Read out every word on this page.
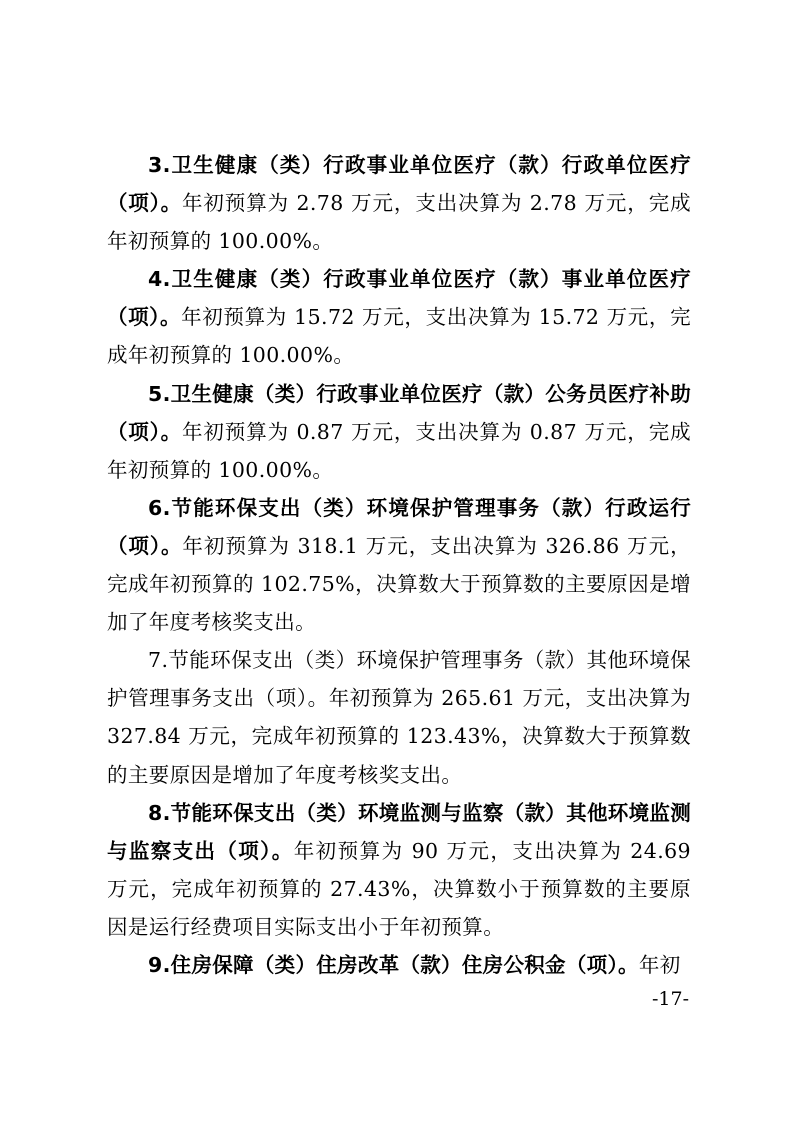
3.卫生健康（类）行政事业单位医疗（款）行政单位医疗（项）。年初预算为 2.78 万元，支出决算为 2.78 万元，完成年初预算的 100.00%。

4.卫生健康（类）行政事业单位医疗（款）事业单位医疗（项）。年初预算为 15.72 万元，支出决算为 15.72 万元，完成年初预算的 100.00%。

5.卫生健康（类）行政事业单位医疗（款）公务员医疗补助（项）。年初预算为 0.87 万元，支出决算为 0.87 万元，完成年初预算的 100.00%。

6.节能环保支出（类）环境保护管理事务（款）行政运行（项）。年初预算为 318.1 万元，支出决算为 326.86 万元，完成年初预算的 102.75%，决算数大于预算数的主要原因是增加了年度考核奖支出。

7.节能环保支出（类）环境保护管理事务（款）其他环境保护管理事务支出（项）。年初预算为 265.61 万元，支出决算为 327.84 万元，完成年初预算的 123.43%，决算数大于预算数的主要原因是增加了年度考核奖支出。

8.节能环保支出（类）环境监测与监察（款）其他环境监测与监察支出（项）。年初预算为 90 万元，支出决算为 24.69 万元，完成年初预算的 27.43%，决算数小于预算数的主要原因是运行经费项目实际支出小于年初预算。

9.住房保障（类）住房改革（款）住房公积金（项）。年初

-17-
